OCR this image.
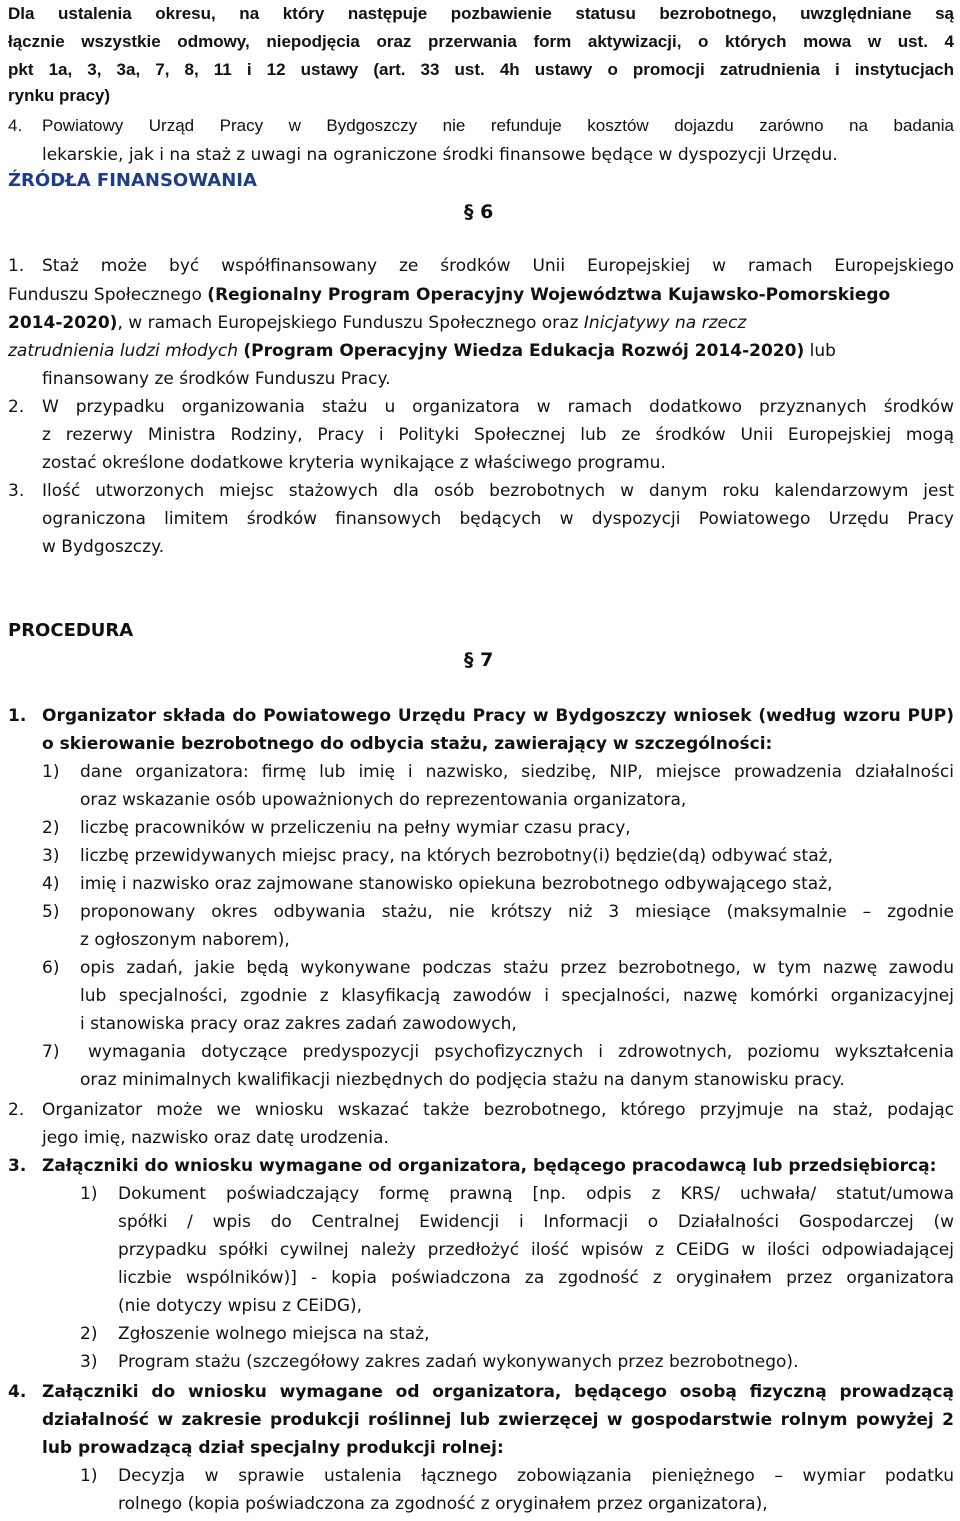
Dla ustalenia okresu, na który następuje pozbawienie statusu bezrobotnego, uwzględniane są
łącznie wszystkie odmowy, niepodjęcia oraz przerwania form aktywizacji, o których mowa w ust. 4
pkt 1a, 3, 3a, 7, 8, 11 i 12 ustawy (art. 33 ust. 4h ustawy o promocji zatrudnienia i instytucjach
rynku pracy)
4. Powiatowy Urząd Pracy w Bydgoszczy nie refunduje kosztów dojazdu zarówno na badania
lekarskie, jak i na staż z uwagi na ograniczone środki finansowe będące w dyspozycji Urzędu.
ŹRÓDŁA FINANSOWANIA
§ 6
1. Staż może być współfinansowany ze środków Unii Europejskiej w ramach Europejskiego
Funduszu Społecznego (Regionalny Program Operacyjny Województwa Kujawsko-Pomorskiego
2014-2020), w ramach Europejskiego Funduszu Społecznego oraz Inicjatywy na rzecz
zatrudnienia ludzi młodych (Program Operacyjny Wiedza Edukacja Rozwój 2014-2020) lub
finansowany ze środków Funduszu Pracy.
2. W przypadku organizowania stażu u organizatora w ramach dodatkowo przyznanych środków
z rezerwy Ministra Rodziny, Pracy i Polityki Społecznej lub ze środków Unii Europejskiej mogą
zostać określone dodatkowe kryteria wynikające z właściwego programu.
3. Ilość utworzonych miejsc stażowych dla osób bezrobotnych w danym roku kalendarzowym jest
ograniczona limitem środków finansowych będących w dyspozycji Powiatowego Urzędu Pracy
w Bydgoszczy.
PROCEDURA
§ 7
1. Organizator składa do Powiatowego Urzędu Pracy w Bydgoszczy wniosek (według wzoru PUP)
o skierowanie bezrobotnego do odbycia stażu, zawierający w szczególności:
1) dane organizatora: firmę lub imię i nazwisko, siedzibę, NIP, miejsce prowadzenia działalności
oraz wskazanie osób upoważnionych do reprezentowania organizatora,
2) liczbę pracowników w przeliczeniu na pełny wymiar czasu pracy,
3) liczbę przewidywanych miejsc pracy, na których bezrobotny(i) będzie(dą) odbywać staż,
4) imię i nazwisko oraz zajmowane stanowisko opiekuna bezrobotnego odbywającego staż,
5) proponowany okres odbywania stażu, nie krótszy niż 3 miesiące (maksymalnie – zgodnie
z ogłoszonym naborem),
6) opis zadań, jakie będą wykonywane podczas stażu przez bezrobotnego, w tym nazwę zawodu
lub specjalności, zgodnie z klasyfikacją zawodów i specjalności, nazwę komórki organizacyjnej
i stanowiska pracy oraz zakres zadań zawodowych,
7) wymagania dotyczące predyspozycji psychofizycznych i zdrowotnych, poziomu wykształcenia
oraz minimalnych kwalifikacji niezbędnych do podjęcia stażu na danym stanowisku pracy.
2. Organizator może we wniosku wskazać także bezrobotnego, którego przyjmuje na staż, podając
jego imię, nazwisko oraz datę urodzenia.
3. Załączniki do wniosku wymagane od organizatora, będącego pracodawcą lub przedsiębiorcą:
1) Dokument poświadczający formę prawną [np. odpis z KRS/ uchwała/ statut/umowa
spółki / wpis do Centralnej Ewidencji i Informacji o Działalności Gospodarczej (w
przypadku spółki cywilnej należy przedłożyć ilość wpisów z CEiDG w ilości odpowiadającej
liczbie wspólników)] - kopia poświadczona za zgodność z oryginałem przez organizatora
(nie dotyczy wpisu z CEiDG),
2) Zgłoszenie wolnego miejsca na staż,
3) Program stażu (szczegółowy zakres zadań wykonywanych przez bezrobotnego).
4. Załączniki do wniosku wymagane od organizatora, będącego osobą fizyczną prowadzącą
działalność w zakresie produkcji roślinnej lub zwierzęcej w gospodarstwie rolnym powyżej 2
lub prowadzącą dział specjalny produkcji rolnej:
1) Decyzja w sprawie ustalenia łącznego zobowiązania pieniężnego – wymiar podatku
rolnego (kopia poświadczona za zgodność z oryginałem przez organizatora),
